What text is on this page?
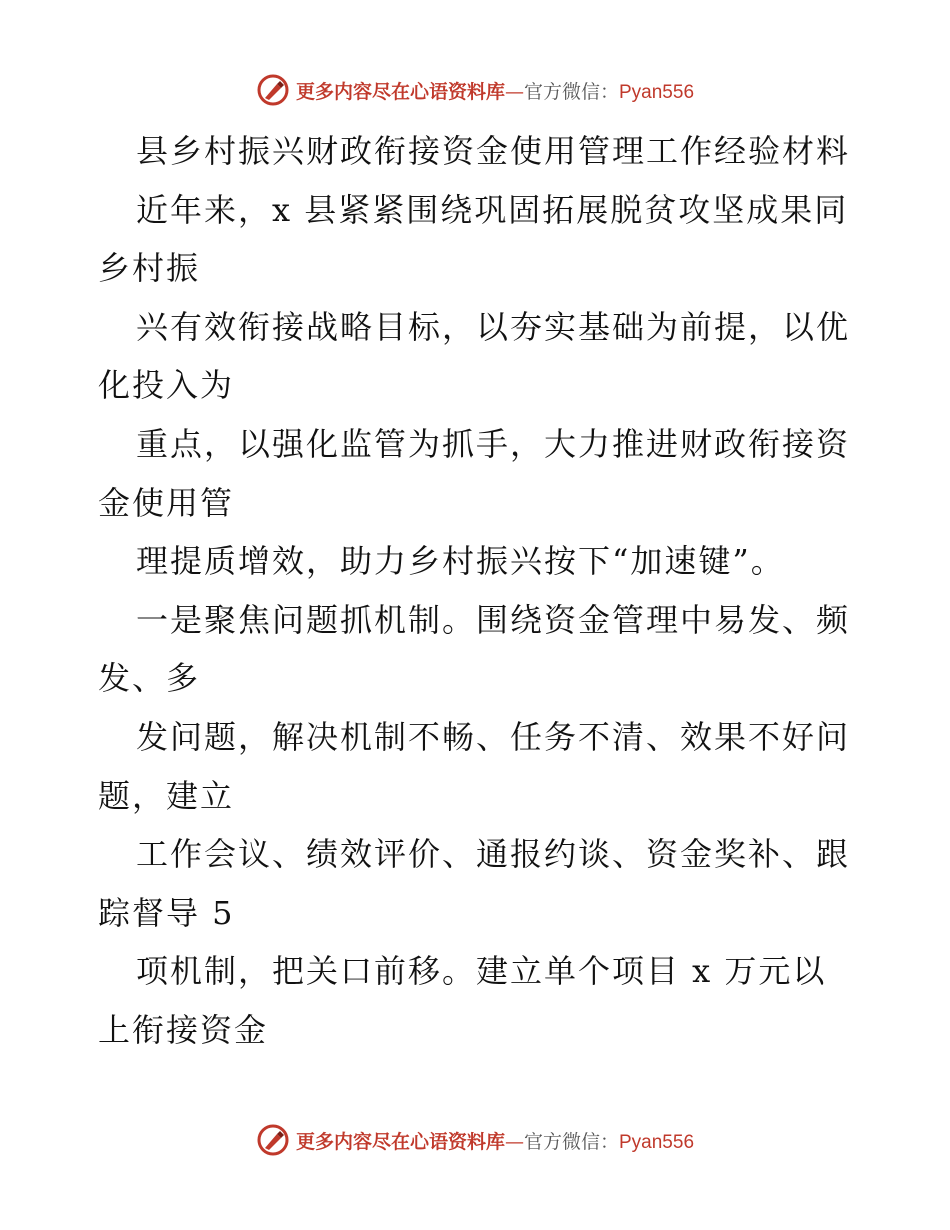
更多内容尽在心语资料库—官方微信：Pyan556
县乡村振兴财政衔接资金使用管理工作经验材料
近年来，x 县紧紧围绕巩固拓展脱贫攻坚成果同
乡村振
兴有效衔接战略目标，以夯实基础为前提，以优
化投入为
重点，以强化监管为抓手，大力推进财政衔接资
金使用管
理提质增效，助力乡村振兴按下“加速键”。
一是聚焦问题抓机制。围绕资金管理中易发、频
发、多
发问题，解决机制不畅、任务不清、效果不好问
题，建立
工作会议、绩效评价、通报约谈、资金奖补、跟
踪督导 5
项机制，把关口前移。建立单个项目 x 万元以
上衔接资金
更多内容尽在心语资料库—官方微信：Pyan556
